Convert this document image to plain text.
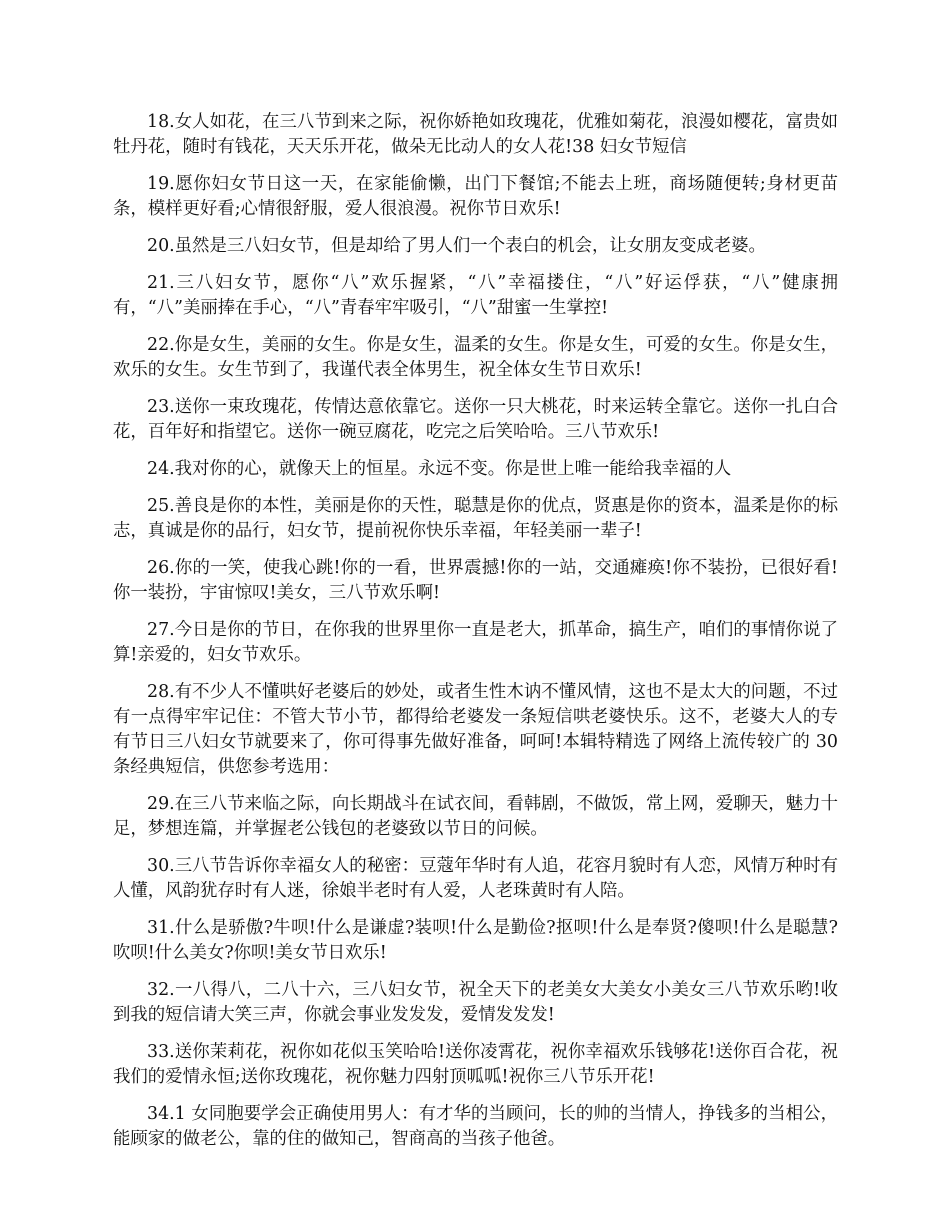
18.女人如花，在三八节到来之际，祝你娇艳如玫瑰花，优雅如菊花，浪漫如樱花，富贵如牡丹花，随时有钱花，天天乐开花，做朵无比动人的女人花!38 妇女节短信

19.愿你妇女节日这一天，在家能偷懒，出门下餐馆;不能去上班，商场随便转;身材更苗条，模样更好看;心情很舒服，爱人很浪漫。祝你节日欢乐!

20.虽然是三八妇女节，但是却给了男人们一个表白的机会，让女朋友变成老婆。

21.三八妇女节，愿你“八”欢乐握紧，“八”幸福搂住，“八”好运俘获，“八”健康拥有，“八”美丽捧在手心，“八”青春牢牢吸引，“八”甜蜜一生掌控!

22.你是女生，美丽的女生。你是女生，温柔的女生。你是女生，可爱的女生。你是女生，欢乐的女生。女生节到了，我谨代表全体男生，祝全体女生节日欢乐!

23.送你一束玫瑰花，传情达意依靠它。送你一只大桃花，时来运转全靠它。送你一扎白合花，百年好和指望它。送你一碗豆腐花，吃完之后笑哈哈。三八节欢乐!

24.我对你的心，就像天上的恒星。永远不变。你是世上唯一能给我幸福的人

25.善良是你的本性，美丽是你的天性，聪慧是你的优点，贤惠是你的资本，温柔是你的标志，真诚是你的品行，妇女节，提前祝你快乐幸福，年轻美丽一辈子!

26.你的一笑，使我心跳!你的一看，世界震撼!你的一站，交通瘫痪!你不装扮，已很好看!你一装扮，宇宙惊叹!美女，三八节欢乐啊!

27.今日是你的节日，在你我的世界里你一直是老大，抓革命，搞生产，咱们的事情你说了算!亲爱的，妇女节欢乐。

28.有不少人不懂哄好老婆后的妙处，或者生性木讷不懂风情，这也不是太大的问题，不过有一点得牢牢记住：不管大节小节，都得给老婆发一条短信哄老婆快乐。这不，老婆大人的专有节日三八妇女节就要来了，你可得事先做好准备，呵呵!本辑特精选了网络上流传较广的 30 条经典短信，供您参考选用：

29.在三八节来临之际，向长期战斗在试衣间，看韩剧，不做饭，常上网，爱聊天，魅力十足，梦想连篇，并掌握老公钱包的老婆致以节日的问候。

30.三八节告诉你幸福女人的秘密：豆蔻年华时有人追，花容月貌时有人恋，风情万种时有人懂，风韵犹存时有人迷，徐娘半老时有人爱，人老珠黄时有人陪。

31.什么是骄傲?牛呗!什么是谦虚?装呗!什么是勤俭?抠呗!什么是奉贤?傻呗!什么是聪慧?吹呗!什么美女?你呗!美女节日欢乐!

32.一八得八，二八十六，三八妇女节，祝全天下的老美女大美女小美女三八节欢乐哟!收到我的短信请大笑三声，你就会事业发发发，爱情发发发!

33.送你茉莉花，祝你如花似玉笑哈哈!送你凌霄花，祝你幸福欢乐钱够花!送你百合花，祝我们的爱情永恒;送你玫瑰花，祝你魅力四射顶呱呱!祝你三八节乐开花!

34.1 女同胞要学会正确使用男人：有才华的当顾问，长的帅的当情人，挣钱多的当相公，能顾家的做老公，靠的住的做知己，智商高的当孩子他爸。
